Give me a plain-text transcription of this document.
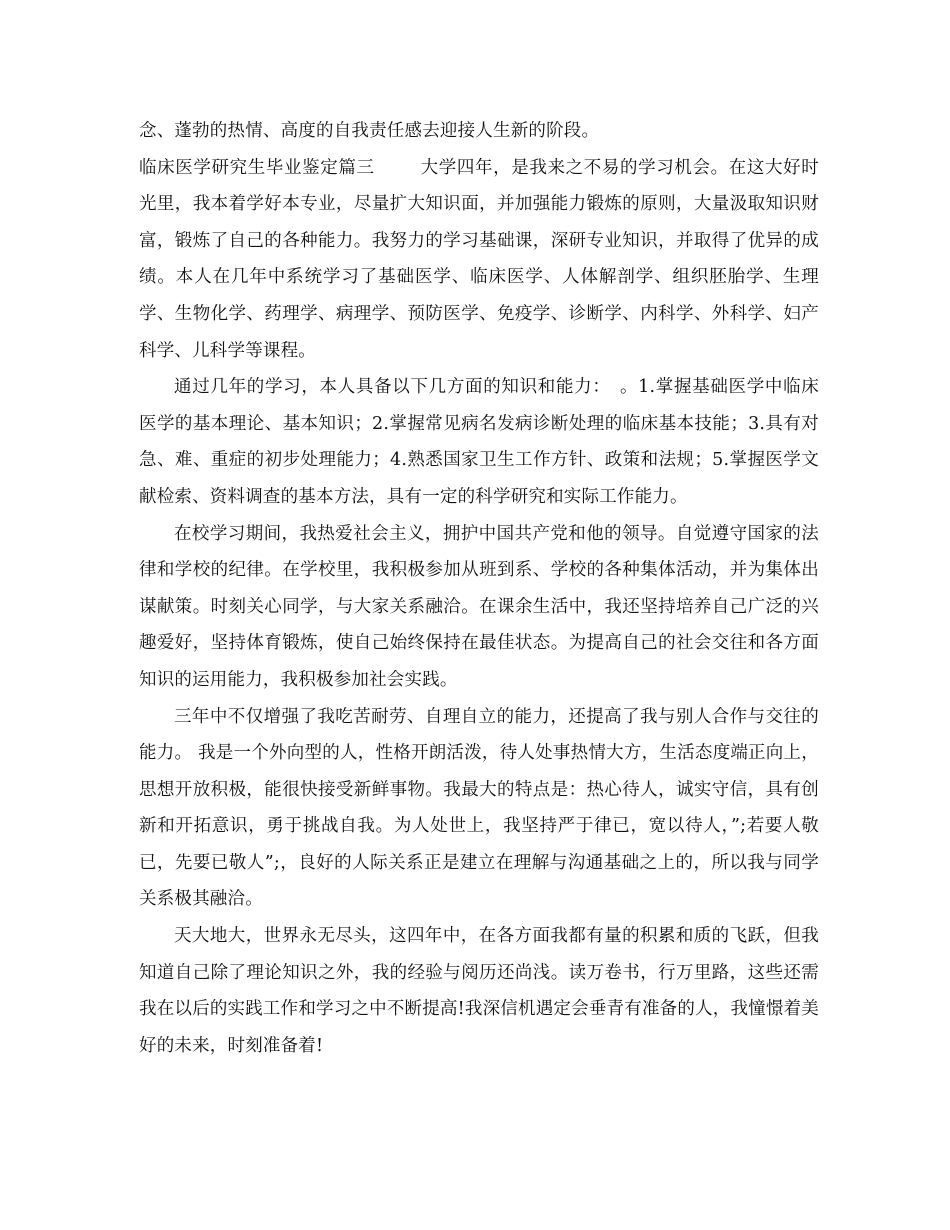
念、蓬勃的热情、高度的自我责任感去迎接人生新的阶段。

临床医学研究生毕业鉴定篇三	大学四年，是我来之不易的学习机会。在这大好时光里，我本着学好本专业，尽量扩大知识面，并加强能力锻炼的原则，大量汲取知识财富，锻炼了自己的各种能力。我努力的学习基础课，深研专业知识，并取得了优异的成绩。本人在几年中系统学习了基础医学、临床医学、人体解剖学、组织胚胎学、生理学、生物化学、药理学、病理学、预防医学、免疫学、诊断学、内科学、外科学、妇产科学、儿科学等课程。

通过几年的学习，本人具备以下几方面的知识和能力：　。1.掌握基础医学中临床医学的基本理论、基本知识；2.掌握常见病名发病诊断处理的临床基本技能；3.具有对急、难、重症的初步处理能力；4.熟悉国家卫生工作方针、政策和法规；5.掌握医学文献检索、资料调查的基本方法，具有一定的科学研究和实际工作能力。

在校学习期间，我热爱社会主义，拥护中国共产党和他的领导。自觉遵守国家的法律和学校的纪律。在学校里，我积极参加从班到系、学校的各种集体活动，并为集体出谋献策。时刻关心同学，与大家关系融洽。在课余生活中，我还坚持培养自己广泛的兴趣爱好，坚持体育锻炼，使自己始终保持在最佳状态。为提高自己的社会交往和各方面知识的运用能力，我积极参加社会实践。

三年中不仅增强了我吃苦耐劳、自理自立的能力，还提高了我与别人合作与交往的能力。 我是一个外向型的人，性格开朗活泼，待人处事热情大方，生活态度端正向上，思想开放积极，能很快接受新鲜事物。我最大的特点是：热心待人，诚实守信，具有创新和开拓意识，勇于挑战自我。为人处世上，我坚持严于律已，宽以待人，”;若要人敬已，先要已敬人”;，良好的人际关系正是建立在理解与沟通基础之上的，所以我与同学关系极其融洽。

天大地大，世界永无尽头，这四年中，在各方面我都有量的积累和质的飞跃，但我知道自己除了理论知识之外，我的经验与阅历还尚浅。读万卷书，行万里路，这些还需我在以后的实践工作和学习之中不断提高!我深信机遇定会垂青有准备的人，我憧憬着美好的未来，时刻准备着!
